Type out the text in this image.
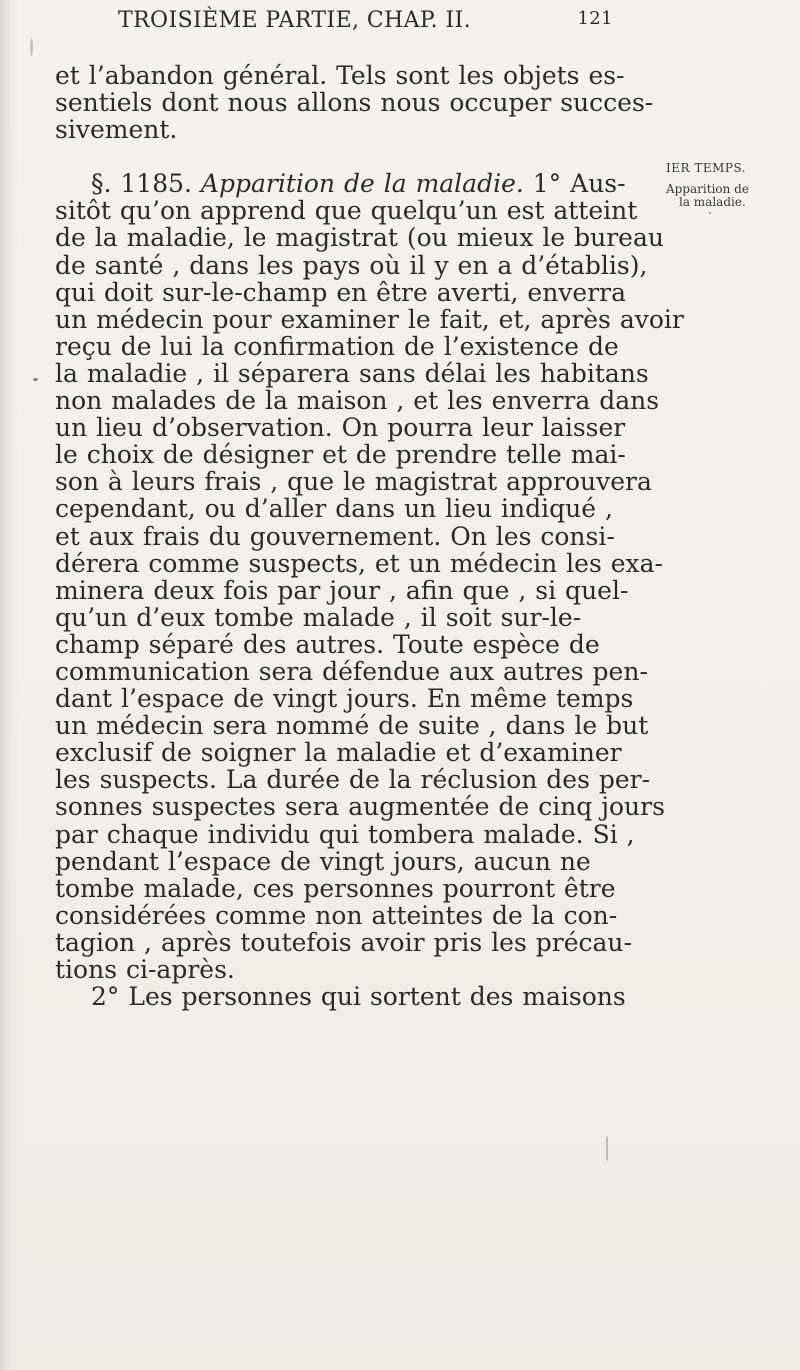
TROISIÈME PARTIE, CHAP. II.	121
et l’abandon général. Tels sont les objets es-
sentiels dont nous allons nous occuper succes-
sivement.
§. 1185. Apparition de la maladie. 1° Aus-
sitôt qu’on apprend que quelqu’un est atteint
de la maladie, le magistrat (ou mieux le bureau
de santé , dans les pays où il y en a d’établis),
qui doit sur-le-champ en être averti, enverra
un médecin pour examiner le fait, et, après avoir
reçu de lui la confirmation de l’existence de
la maladie , il séparera sans délai les habitans
non malades de la maison , et les enverra dans
un lieu d’observation. On pourra leur laisser
le choix de désigner et de prendre telle mai-
son à leurs frais , que le magistrat approuvera
cependant, ou d’aller dans un lieu indiqué ,
et aux frais du gouvernement. On les consi-
dérera comme suspects, et un médecin les exa-
minera deux fois par jour , afin que , si quel-
qu’un d’eux tombe malade , il soit sur-le-
champ séparé des autres. Toute espèce de
communication sera défendue aux autres pen-
dant l’espace de vingt jours. En même temps
un médecin sera nommé de suite , dans le but
exclusif de soigner la maladie et d’examiner
les suspects. La durée de la réclusion des per-
sonnes suspectes sera augmentée de cinq jours
par chaque individu qui tombera malade. Si ,
pendant l’espace de vingt jours, aucun ne
tombe malade, ces personnes pourront être
considérées comme non atteintes de la con-
tagion , après toutefois avoir pris les précau-
tions ci-après.
2° Les personnes qui sortent des maisons
IER TEMPS.
Apparition de
la maladie.
